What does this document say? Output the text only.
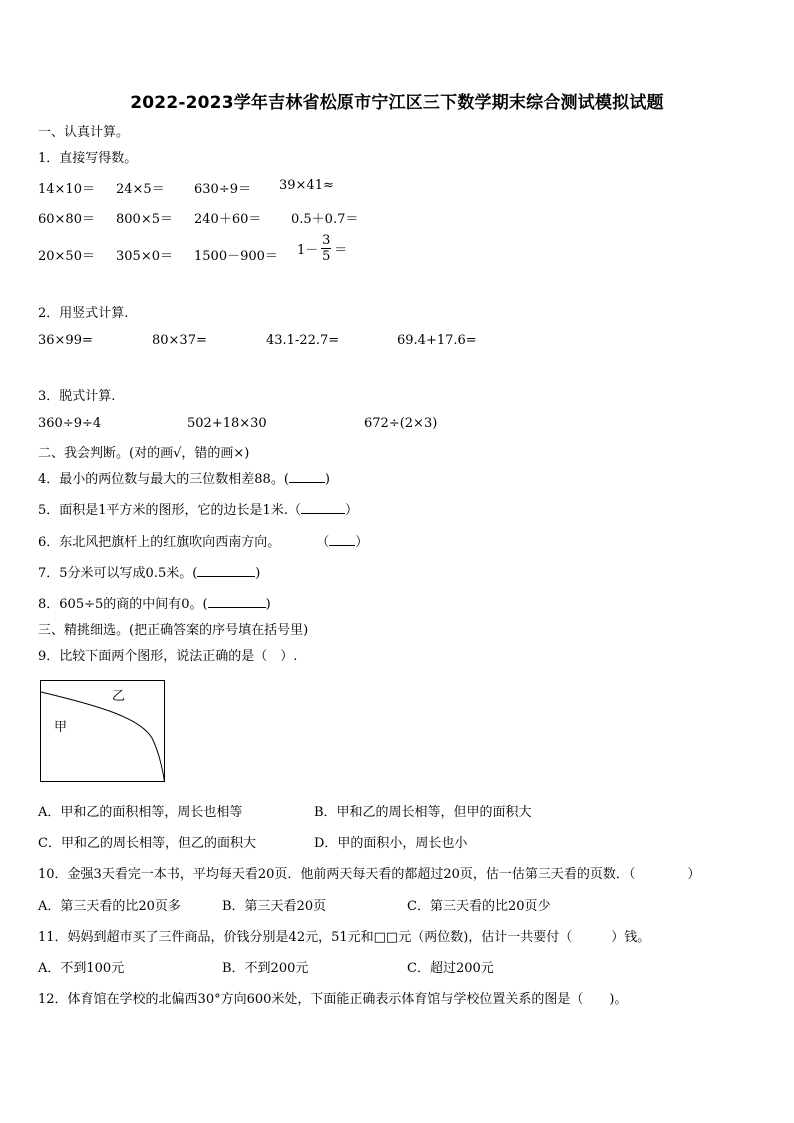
2022-2023学年吉林省松原市宁江区三下数学期末综合测试模拟试题
一、认真计算。
1．直接写得数。
14×10＝ 24×5＝ 630÷9＝ 39×41≈
60×80＝ 800×5＝ 240＋60＝ 0.5＋0.7＝
$20\times 50= 305\times 0= 1500-900= 1- \frac{3}{5}$ ＝
2．用竖式计算.
36×99=	80×37=	43.1-22.7=	69.4+17.6=
3．脱式计算.
360÷9÷4	502+18×30	672÷(2×3)
二、我会判断。(对的画√，错的画×)
4．最小的两位数与最大的三位数相差88。(	)
5．面积是1平方米的图形，它的边长是1米.（	）
6．东北风把旗杆上的红旗吹向西南方向。	（ ）
7．5分米可以写成0.5米。(	)
8．605÷5的商的中间有0。(	)
三、精挑细选。(把正确答案的序号填在括号里)
9．比较下面两个图形，说法正确的是（　）.
乙
甲
A．甲和乙的面积相等，周长也相等	B．甲和乙的周长相等，但甲的面积大
C．甲和乙的周长相等，但乙的面积大	D．甲的面积小，周长也小
10．金强3天看完一本书，平均每天看20页．他前两天每天看的都超过20页，估一估第三天看的页数．（　　　　）
A．第三天看的比20页多	B．第三天看20页	C．第三天看的比20页少
11．妈妈到超市买了三件商品，价钱分别是42元，51元和□□元（两位数)，估计一共要付（　　　）钱。
A．不到100元	B．不到200元	C．超过200元
12．体育馆在学校的北偏西30°方向600米处，下面能正确表示体育馆与学校位置关系的图是（　　)。
